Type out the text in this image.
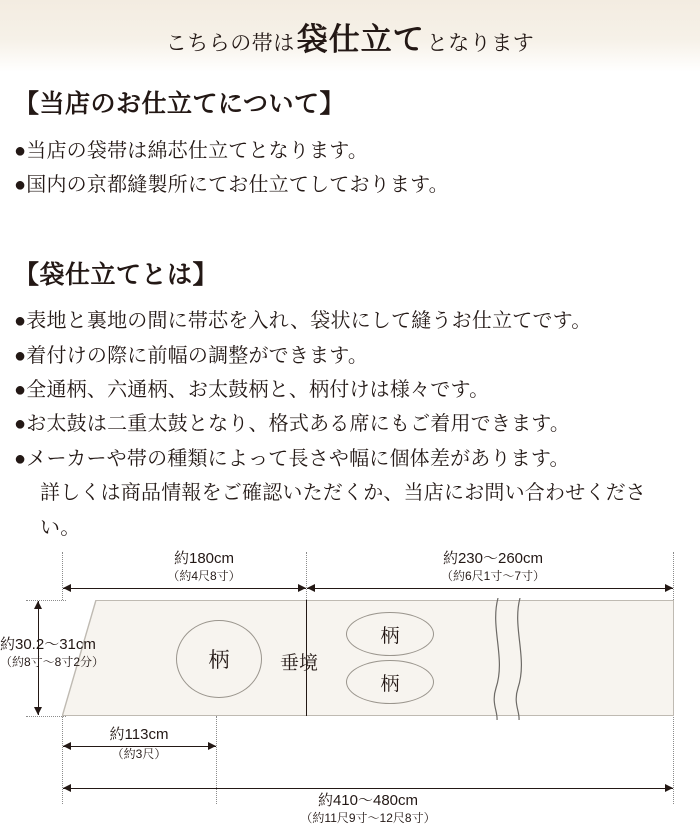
こちらの帯は 袋仕立て となります
【当店のお仕立てについて】

●当店の袋帯は綿芯仕立てとなります。

●国内の京都縫製所にてお仕立てしております。

【袋仕立てとは】

●表地と裏地の間に帯芯を入れ、袋状にして縫うお仕立てです。

●着付けの際に前幅の調整ができます。

●全通柄、六通柄、お太鼓柄と、柄付けは様々です。

●お太鼓は二重太鼓となり、格式ある席にもご着用できます。

●メーカーや帯の種類によって長さや幅に個体差があります。

詳しくは商品情報をご確認いただくか、当店にお問い合わせください。

約180cm
（約4尺8寸）
約230〜260cm
（約6尺1寸〜7寸）
柄	垂境
柄
柄
約30.2〜31cm
（約8寸〜8寸2分）
約113cm
（約3尺）
約410〜480cm
（約11尺9寸〜12尺8寸）
